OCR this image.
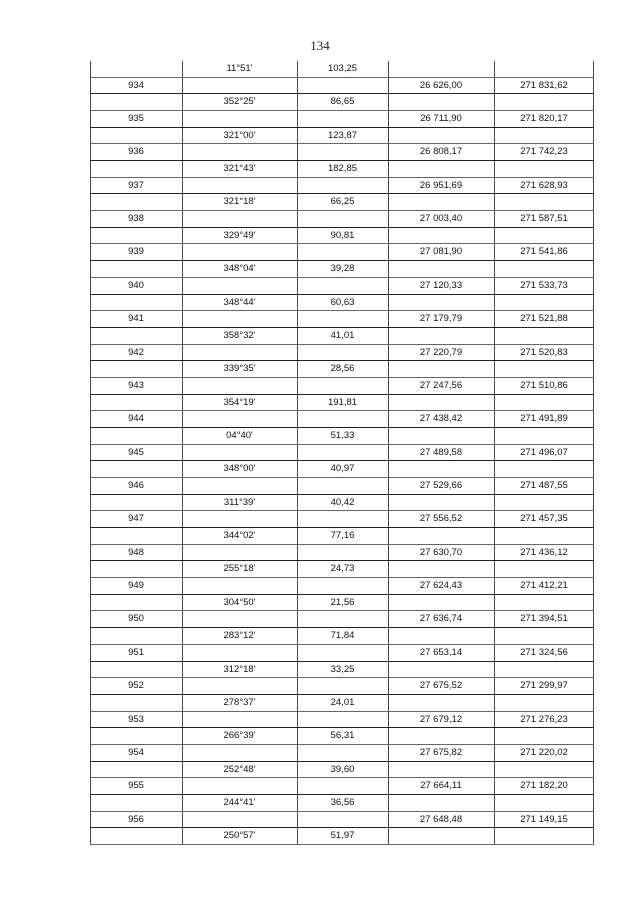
134
11°51'	103,25
934	26 626,00	271 831,62
352°25'	86,65
935	26 711,90	271 820,17
321°00'	123,87
936	26 808,17	271 742,23
321°43'	182,85
937	26 951,69	271 628,93
321°18'	66,25
938	27 003,40	271 587,51
329°49'	90,81
939	27 081,90	271 541,86
348°04'	39,28
940	27 120,33	271 533,73
348°44'	60,63
941	27 179,79	271 521,88
358°32'	41,01
942	27 220,79	271 520,83
339°35'	28,56
943	27 247,56	271 510,86
354°19'	191,81
944	27 438,42	271 491,89
04°40'	51,33
945	27 489,58	271 496,07
348°00'	40,97
946	27 529,66	271 487,55
311°39'	40,42
947	27 556,52	271 457,35
344°02'	77,16
948	27 630,70	271 436,12
255°18'	24,73
949	27 624,43	271 412,21
304°50'	21,56
950	27 636,74	271 394,51
283°12'	71,84
951	27 653,14	271 324,56
312°18'	33,25
952	27 675,52	271 299,97
278°37'	24,01
953	27 679,12	271 276,23
266°39'	56,31
954	27 675,82	271 220,02
252°48'	39,60
955	27 664,11	271 182,20
244°41'	36,56
956	27 648,48	271 149,15
250°57'	51,97
